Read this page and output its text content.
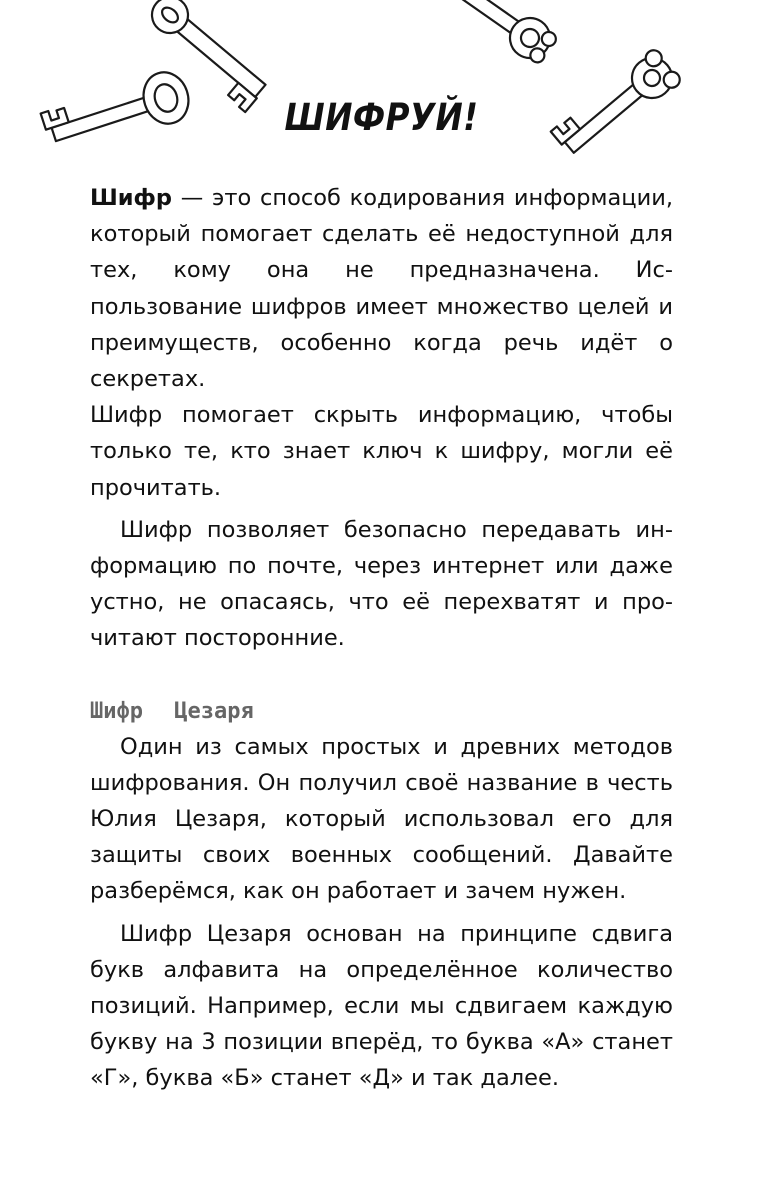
ШИФРУЙ!

Шифр — это способ кодирования информации, который помогает сделать её недоступной для тех, кому она не предназначена. Использование шифров имеет множество целей и преимуществ, особенно когда речь идёт о секретах.

Шифр помогает скрыть информацию, чтобы только те, кто знает ключ к шифру, могли её прочитать.

Шифр позволяет безопасно передавать информацию по почте, через интернет или даже устно, не опасаясь, что её перехватят и прочитают посторонние.

Шифр Цезаря

Один из самых простых и древних методов шифрования. Он получил своё название в честь Юлия Цезаря, который использовал его для защиты своих военных сообщений. Давайте разберёмся, как он работает и зачем нужен.

Шифр Цезаря основан на принципе сдвига букв алфавита на определённое количество позиций. Например, если мы сдвигаем каждую букву на 3 позиции вперёд, то буква «А» станет «Г», буква «Б» станет «Д» и так далее.
